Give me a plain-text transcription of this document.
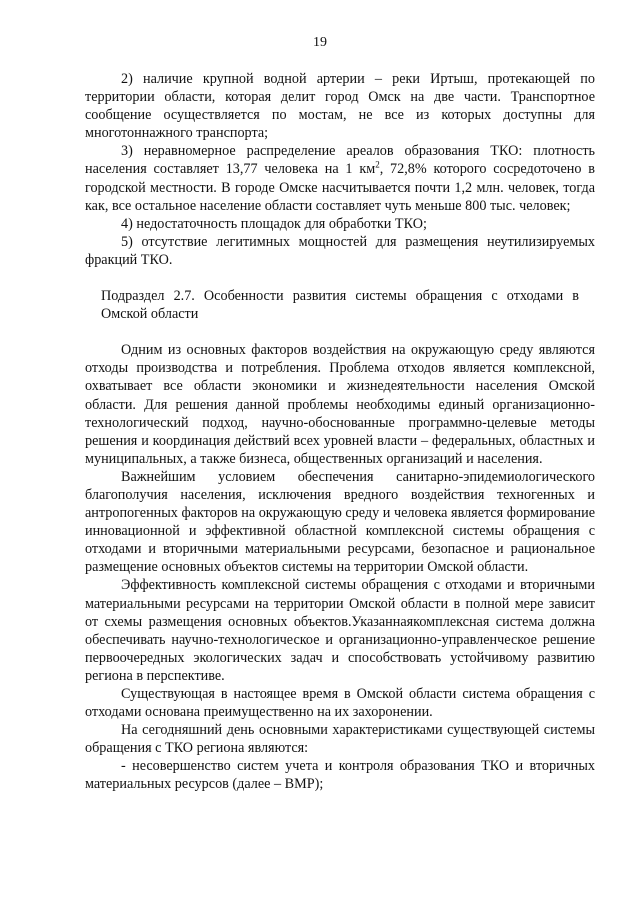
19

2) наличие крупной водной артерии – реки Иртыш, протекающей по территории области, которая делит город Омск на две части. Транспортное сообщение осуществляется по мостам, не все из которых доступны для многотоннажного транспорта;

3) неравномерное распределение ареалов образования ТКО: плотность населения составляет 13,77 человека на 1 $км^2$, 72,8% которого сосредоточено в городской местности. В городе Омске насчитывается почти 1,2 млн. человек, тогда как, все остальное население области составляет чуть меньше 800 тыс. человек;

4) недостаточность площадок для обработки ТКО;

5) отсутствие легитимных мощностей для размещения неутилизируемых фракций ТКО.

Подраздел 2.7. Особенности развития системы обращения с отходами в Омской области

Одним из основных факторов воздействия на окружающую среду являются отходы производства и потребления. Проблема отходов является комплексной, охватывает все области экономики и жизнедеятельности населения Омской области. Для решения данной проблемы необходимы единый организационно-технологический подход, научно-обоснованные программно-целевые методы решения и координация действий всех уровней власти – федеральных, областных и муниципальных, а также бизнеса, общественных организаций и населения.

Важнейшим условием обеспечения санитарно-эпидемиологического благополучия населения, исключения вредного воздействия техногенных и антропогенных факторов на окружающую среду и человека является формирование инновационной и эффективной областной комплексной системы обращения с отходами и вторичными материальными ресурсами, безопасное и рациональное размещение основных объектов системы на территории Омской области.

Эффективность комплексной системы обращения с отходами и вторичными материальными ресурсами на территории Омской области в полной мере зависит от схемы размещения основных объектов.Указаннаякомплексная система должна обеспечивать научно-технологическое и организационно-управленческое решение первоочередных экологических задач и способствовать устойчивому развитию региона в перспективе.

Существующая в настоящее время в Омской области система обращения с отходами основана преимущественно на их захоронении.

На сегодняшний день основными характеристиками существующей системы обращения с ТКО региона являются:

- несовершенство систем учета и контроля образования ТКО и вторичных материальных ресурсов (далее – ВМР);
